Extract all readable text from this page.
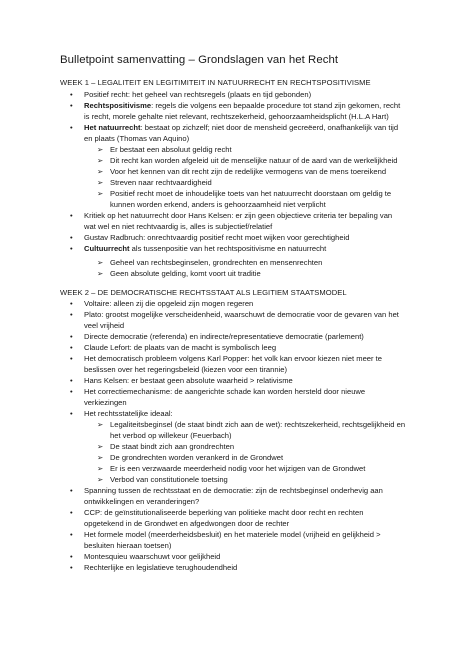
Bulletpoint samenvatting – Grondslagen van het Recht
WEEK 1 – LEGALITEIT EN LEGITIMITEIT IN NATUURRECHT EN RECHTSPOSITIVISME
• Positief recht: het geheel van rechtsregels (plaats en tijd gebonden)
• Rechtspositivisme: regels die volgens een bepaalde procedure tot stand zijn gekomen, recht
is recht, morele gehalte niet relevant, rechtszekerheid, gehoorzaamheidsplicht (H.L.A Hart)
• Het natuurrecht: bestaat op zichzelf; niet door de mensheid gecreëerd, onafhankelijk van tijd
en plaats (Thomas van Aquino)
➢ Er bestaat een absoluut geldig recht
➢ Dit recht kan worden afgeleid uit de menselijke natuur of de aard van de werkelijkheid
➢ Voor het kennen van dit recht zijn de redelijke vermogens van de mens toereikend
➢ Streven naar rechtvaardigheid
➢ Positief recht moet de inhoudelijke toets van het natuurrecht doorstaan om geldig te
kunnen worden erkend, anders is gehoorzaamheid niet verplicht
• Kritiek op het natuurrecht door Hans Kelsen: er zijn geen objectieve criteria ter bepaling van
wat wel en niet rechtvaardig is, alles is subjectief/relatief
• Gustav Radbruch: onrechtvaardig positief recht moet wijken voor gerechtigheid
• Cultuurrecht als tussenpositie van het rechtspositivisme en natuurrecht
➢ Geheel van rechtsbeginselen, grondrechten en mensenrechten
➢ Geen absolute gelding, komt voort uit traditie
WEEK 2 – DE DEMOCRATISCHE RECHTSSTAAT ALS LEGITIEM STAATSMODEL
• Voltaire: alleen zij die opgeleid zijn mogen regeren
• Plato: grootst mogelijke verscheidenheid, waarschuwt de democratie voor de gevaren van het
veel vrijheid
• Directe democratie (referenda) en indirecte/representatieve democratie (parlement)
• Claude Lefort: de plaats van de macht is symbolisch leeg
• Het democratisch probleem volgens Karl Popper: het volk kan ervoor kiezen niet meer te
beslissen over het regeringsbeleid (kiezen voor een tirannie)
• Hans Kelsen: er bestaat geen absolute waarheid > relativisme
• Het correctiemechanisme: de aangerichte schade kan worden hersteld door nieuwe
verkiezingen
• Het rechtsstatelijke ideaal:
➢ Legaliteitsbeginsel (de staat bindt zich aan de wet): rechtszekerheid, rechtsgelijkheid en
het verbod op willekeur (Feuerbach)
➢ De staat bindt zich aan grondrechten
➢ De grondrechten worden verankerd in de Grondwet
➢ Er is een verzwaarde meerderheid nodig voor het wijzigen van de Grondwet
➢ Verbod van constitutionele toetsing
• Spanning tussen de rechtsstaat en de democratie: zijn de rechtsbeginsel onderhevig aan
ontwikkelingen en veranderingen?
• CCP: de geïnstitutionaliseerde beperking van politieke macht door recht en rechten
opgetekend in de Grondwet en afgedwongen door de rechter
• Het formele model (meerderheidsbesluit) en het materiele model (vrijheid en gelijkheid >
besluiten hieraan toetsen)
• Montesquieu waarschuwt voor gelijkheid
• Rechterlijke en legislatieve terughoudendheid
